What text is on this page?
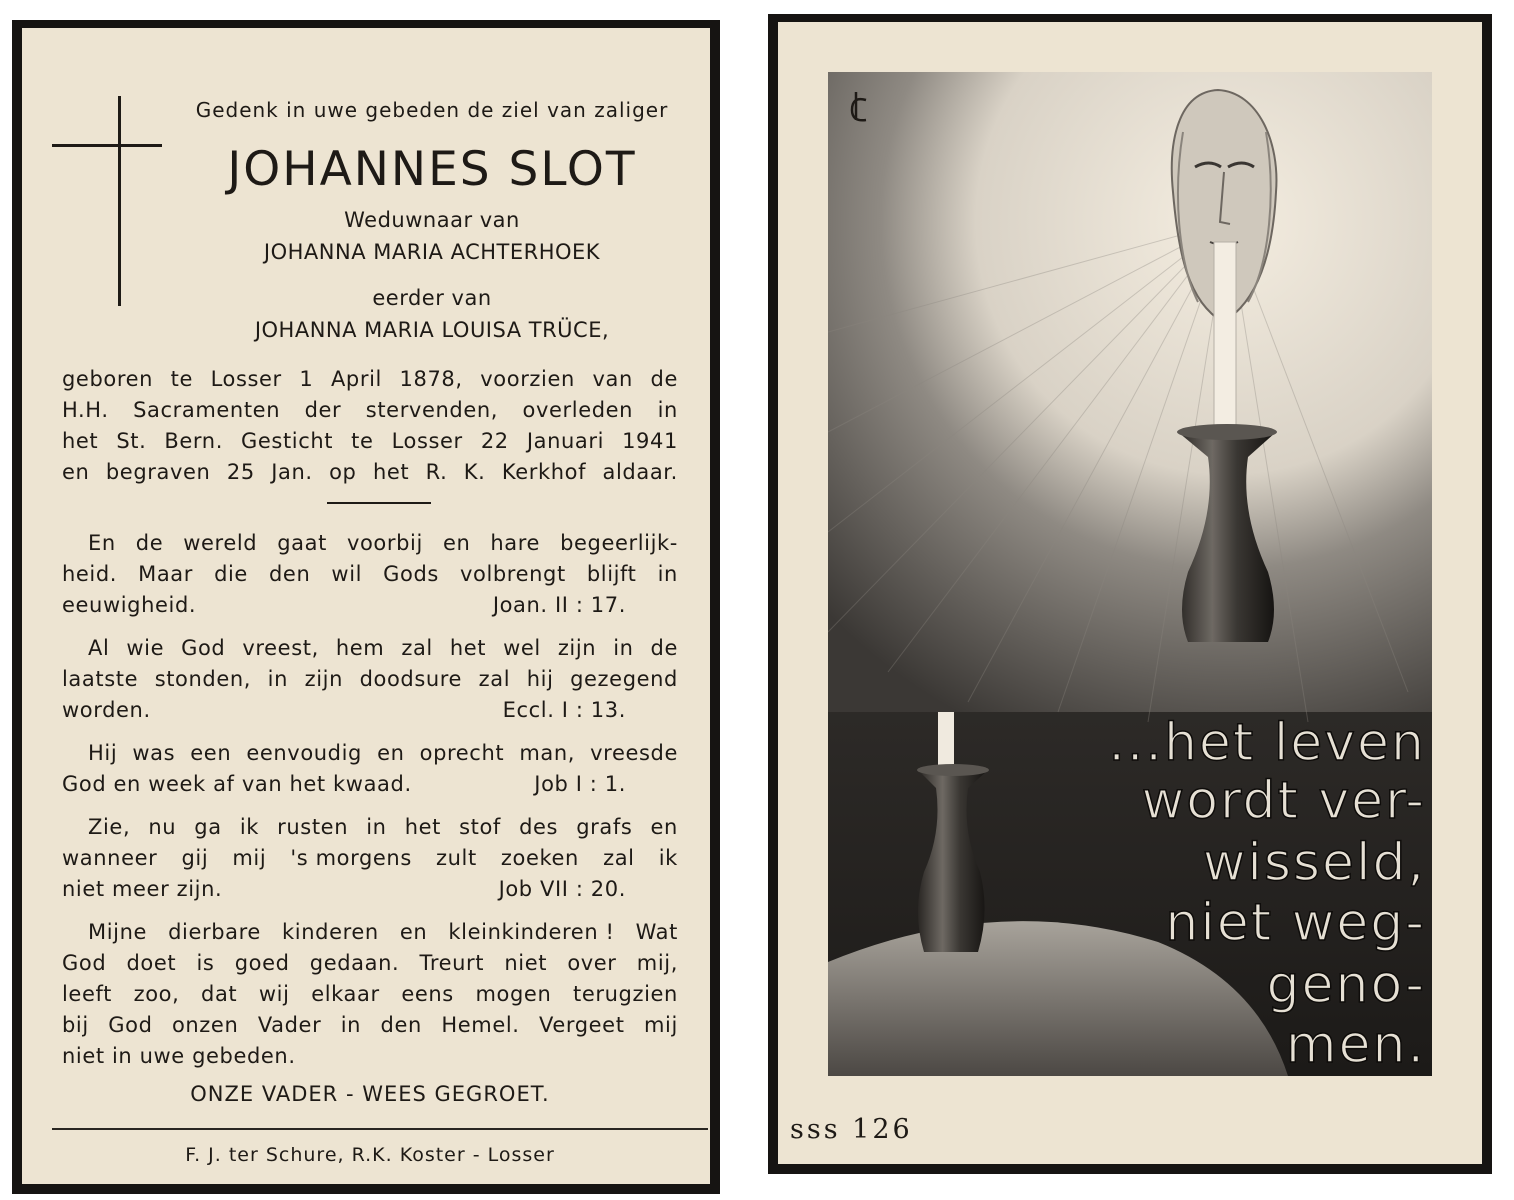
Gedenk in uwe gebeden de ziel van zaliger
JOHANNES SLOT
Weduwnaar van
JOHANNA MARIA ACHTERHOEK
eerder van
JOHANNA MARIA LOUISA TRÜCE,
geboren te Losser 1 April 1878, voorzien van de
H.H. Sacramenten der stervenden, overleden in
het St. Bern. Gesticht te Losser 22 Januari 1941
en begraven 25 Jan. op het R. K. Kerkhof aldaar.
En de wereld gaat voorbij en hare begeerlijk-
heid. Maar die den wil Gods volbrengt blijft in
eeuwigheid.	Joan. II : 17.
Al wie God vreest, hem zal het wel zijn in de
laatste stonden, in zijn doodsure zal hij gezegend
worden.	Eccl. I : 13.
Hij was een eenvoudig en oprecht man, vreesde
God en week af van het kwaad.	Job I : 1.
Zie, nu ga ik rusten in het stof des grafs en
wanneer gij mij 's morgens zult zoeken zal ik
niet meer zijn.	Job VII : 20.
Mijne dierbare kinderen en kleinkinderen ! Wat
God doet is goed gedaan. Treurt niet over mij,
leeft zoo, dat wij elkaar eens mogen terugzien
bij God onzen Vader in den Hemel. Vergeet mij
niet in uwe gebeden.
ONZE VADER - WEES GEGROET.
F. J. ter Schure, R.K. Koster - Losser
...het leven
wordt ver-
wisseld,
niet weg-
geno-
men.
sss 126
